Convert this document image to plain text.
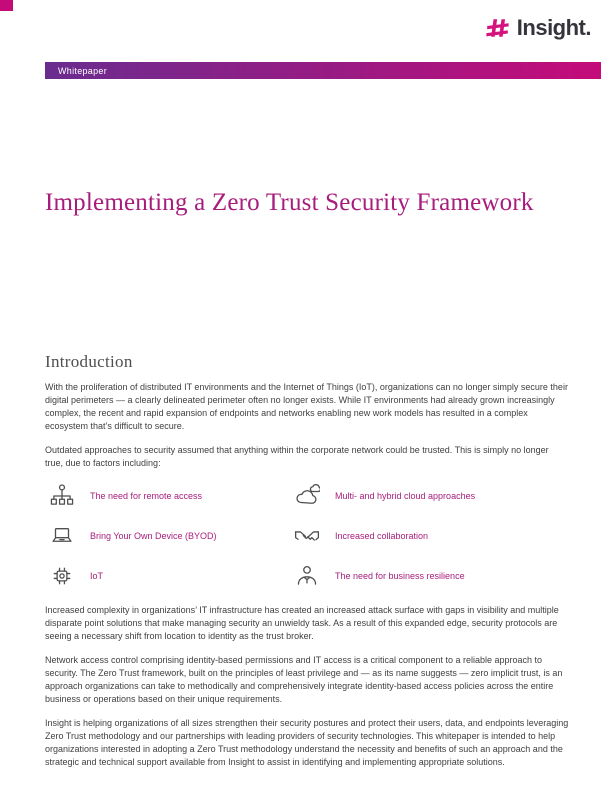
Insight.
Whitepaper
Implementing a Zero Trust Security Framework
Introduction

With the proliferation of distributed IT environments and the Internet of Things (IoT), organizations can no longer simply secure their digital perimeters — a clearly delineated perimeter often no longer exists. While IT environments had already grown increasingly complex, the recent and rapid expansion of endpoints and networks enabling new work models has resulted in a complex ecosystem that’s difficult to secure.

Outdated approaches to security assumed that anything within the corporate network could be trusted. This is simply no longer true, due to factors including:

The need for remote access	Multi- and hybrid cloud approaches
Bring Your Own Device (BYOD)	Increased collaboration
IoT	The need for business resilience

Increased complexity in organizations’ IT infrastructure has created an increased attack surface with gaps in visibility and multiple disparate point solutions that make managing security an unwieldy task. As a result of this expanded edge, security protocols are seeing a necessary shift from location to identity as the trust broker.

Network access control comprising identity-based permissions and IT access is a critical component to a reliable approach to security. The Zero Trust framework, built on the principles of least privilege and — as its name suggests — zero implicit trust, is an approach organizations can take to methodically and comprehensively integrate identity-based access policies across the entire business or operations based on their unique requirements.

Insight is helping organizations of all sizes strengthen their security postures and protect their users, data, and endpoints leveraging Zero Trust methodology and our partnerships with leading providers of security technologies. This whitepaper is intended to help organizations interested in adopting a Zero Trust methodology understand the necessity and benefits of such an approach and the strategic and technical support available from Insight to assist in identifying and implementing appropriate solutions.
